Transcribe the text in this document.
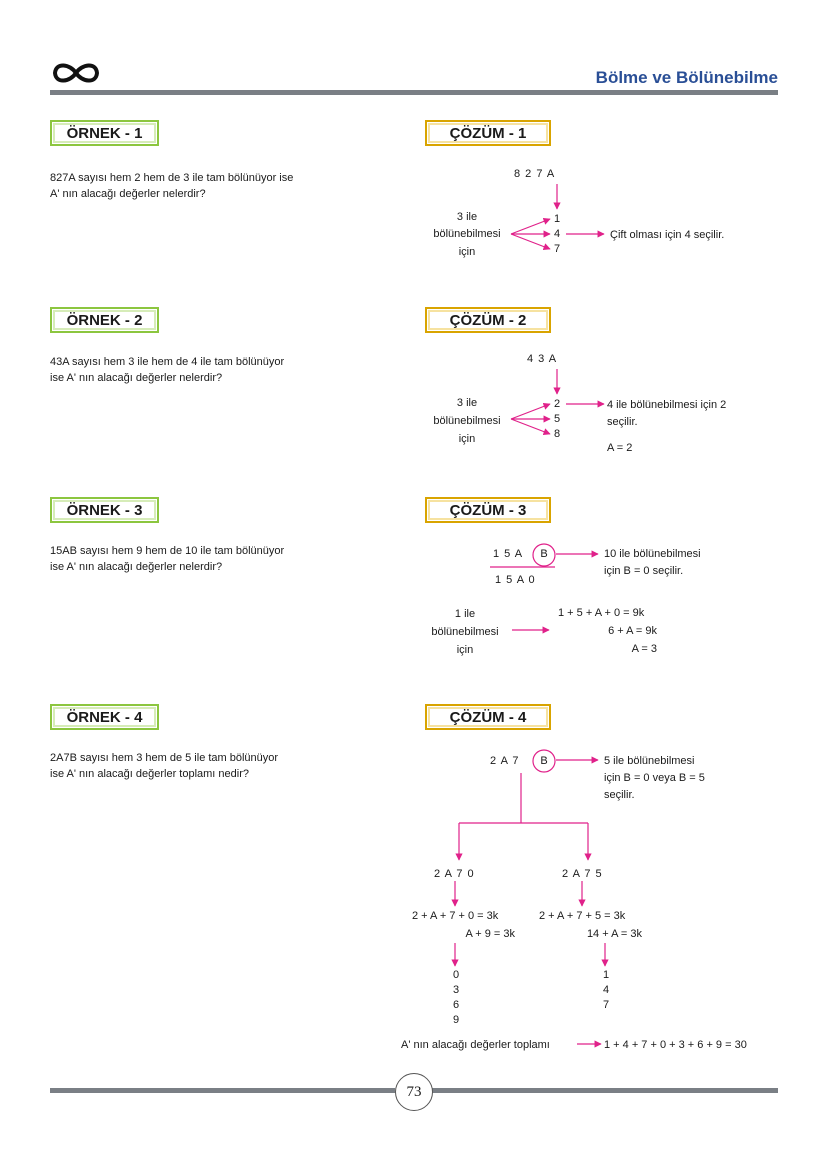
Bölme ve Bölünebilme
ÖRNEK - 1
827A sayısı hem 2 hem de 3 ile tam bölünüyor ise
A' nın alacağı değerler nelerdir?
ÇÖZÜM - 1
8 2 7 A
3 ile
bölünebilmesi
için
1
4
7
Çift olması için 4 seçilir.
ÖRNEK - 2
43A sayısı hem 3 ile hem de 4 ile tam bölünüyor
ise A' nın alacağı değerler nelerdir?
ÇÖZÜM - 2
4 3 A
3 ile
bölünebilmesi
için
2
5
8
4 ile bölünebilmesi için 2
seçilir.
A = 2
ÖRNEK - 3
15AB sayısı hem 9 hem de 10 ile tam bölünüyor
ise A' nın alacağı değerler nelerdir?
ÇÖZÜM - 3
1 5 A	B	10 ile bölünebilmesi
için B = 0 seçilir.
1 5 A 0
1 ile
bölünebilmesi
için
1 + 5 + A + 0 = 9k
6 + A = 9k
A = 3
ÖRNEK - 4
2A7B sayısı hem 3 hem de 5 ile tam bölünüyor
ise A' nın alacağı değerler toplamı nedir?
ÇÖZÜM - 4
2 A 7	B	5 ile bölünebilmesi
için B = 0 veya B = 5
seçilir.
2 A 7 0	2 A 7 5
2 + A + 7 + 0 = 3k
A + 9 = 3k
2 + A + 7 + 5 = 3k
14 + A = 3k
0
3
6
9
1
4
7
A' nın alacağı değerler toplamı	1 + 4 + 7 + 0 + 3 + 6 + 9 = 30
73
